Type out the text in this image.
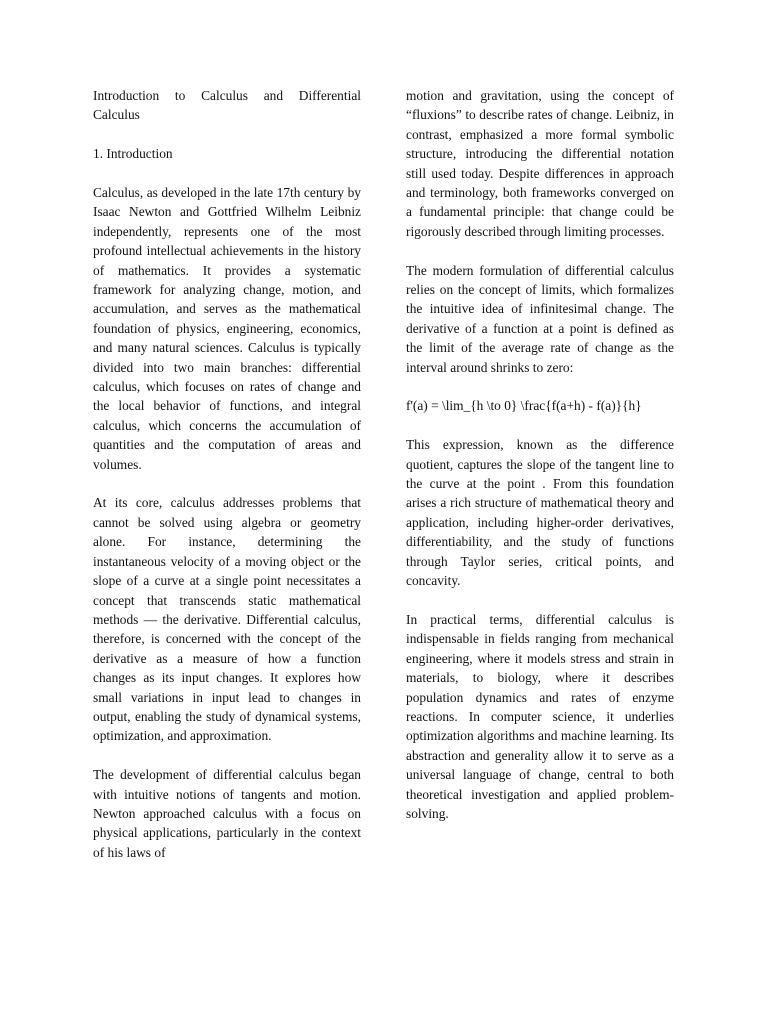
Introduction to Calculus and Differential Calculus

1. Introduction

Calculus, as developed in the late 17th century by Isaac Newton and Gottfried Wilhelm Leibniz independently, represents one of the most profound intellectual achievements in the history of mathematics. It provides a systematic framework for analyzing change, motion, and accumulation, and serves as the mathematical foundation of physics, engineering, economics, and many natural sciences. Calculus is typically divided into two main branches: differential calculus, which focuses on rates of change and the local behavior of functions, and integral calculus, which concerns the accumulation of quantities and the computation of areas and volumes.

At its core, calculus addresses problems that cannot be solved using algebra or geometry alone. For instance, determining the instantaneous velocity of a moving object or the slope of a curve at a single point necessitates a concept that transcends static mathematical methods — the derivative. Differential calculus, therefore, is concerned with the concept of the derivative as a measure of how a function changes as its input changes. It explores how small variations in input lead to changes in output, enabling the study of dynamical systems, optimization, and approximation.

The development of differential calculus began with intuitive notions of tangents and motion. Newton approached calculus with a focus on physical applications, particularly in the context of his laws of

motion and gravitation, using the concept of “fluxions” to describe rates of change. Leibniz, in contrast, emphasized a more formal symbolic structure, introducing the differential notation still used today. Despite differences in approach and terminology, both frameworks converged on a fundamental principle: that change could be rigorously described through limiting processes.

The modern formulation of differential calculus relies on the concept of limits, which formalizes the intuitive idea of infinitesimal change. The derivative of a function at a point is defined as the limit of the average rate of change as the interval around shrinks to zero:

f'(a) = \lim_{h \to 0} \frac{f(a+h) - f(a)}{h}

This expression, known as the difference quotient, captures the slope of the tangent line to the curve at the point . From this foundation arises a rich structure of mathematical theory and application, including higher-order derivatives, differentiability, and the study of functions through Taylor series, critical points, and concavity.

In practical terms, differential calculus is indispensable in fields ranging from mechanical engineering, where it models stress and strain in materials, to biology, where it describes population dynamics and rates of enzyme reactions. In computer science, it underlies optimization algorithms and machine learning. Its abstraction and generality allow it to serve as a universal language of change, central to both theoretical investigation and applied problem-solving.
